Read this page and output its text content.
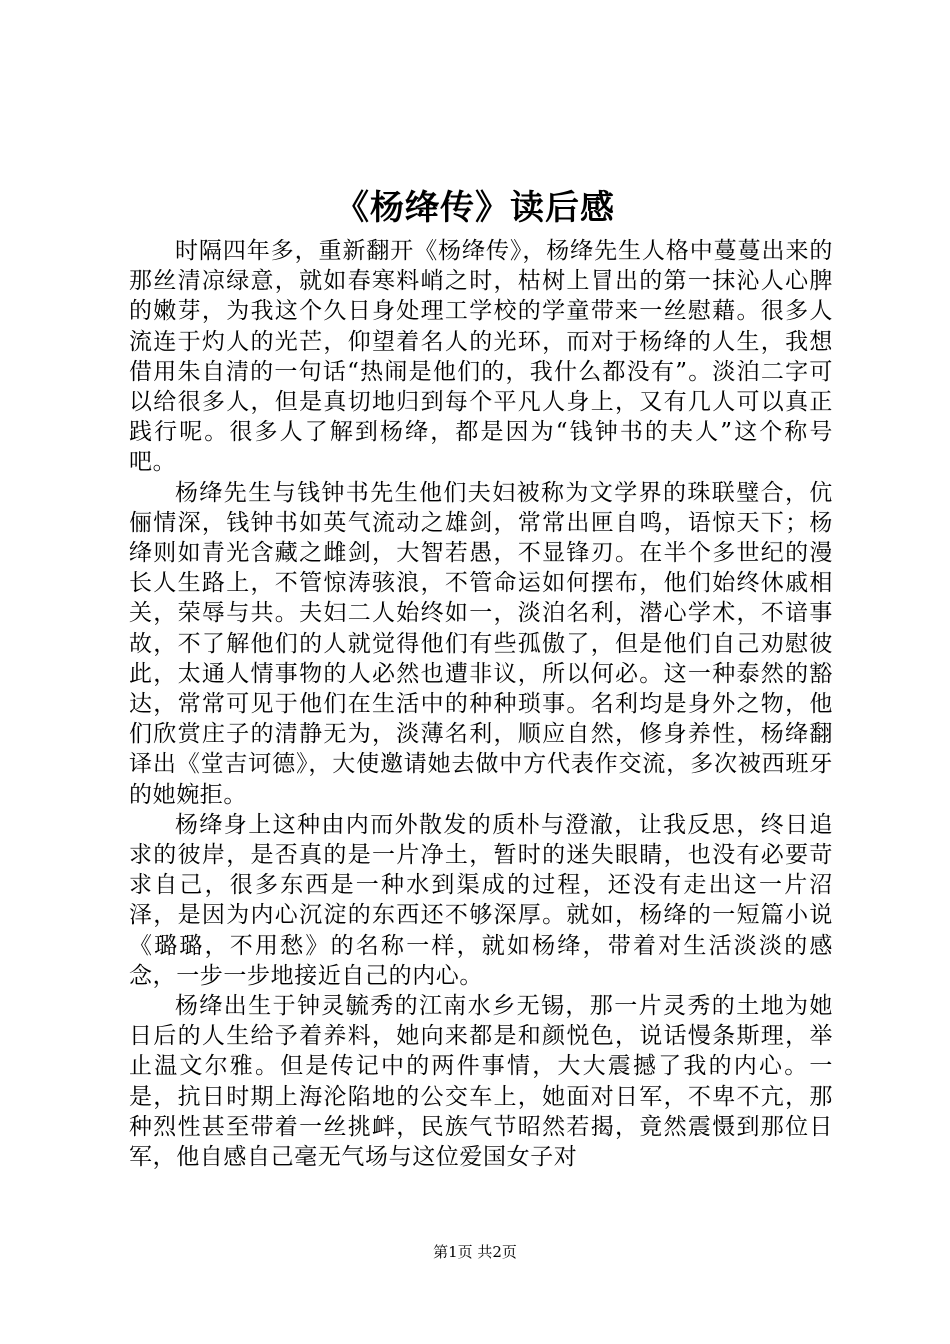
《杨绛传》读后感

时隔四年多，重新翻开《杨绛传》，杨绛先生人格中蔓蔓出来的那丝清凉绿意，就如春寒料峭之时，枯树上冒出的第一抹沁人心脾的嫩芽，为我这个久日身处理工学校的学童带来一丝慰藉。很多人流连于灼人的光芒，仰望着名人的光环，而对于杨绛的人生，我想借用朱自清的一句话“热闹是他们的，我什么都没有”。淡泊二字可以给很多人，但是真切地归到每个平凡人身上，又有几人可以真正践行呢。很多人了解到杨绛，都是因为“钱钟书的夫人”这个称号吧。

杨绛先生与钱钟书先生他们夫妇被称为文学界的珠联璧合，伉俪情深，钱钟书如英气流动之雄剑，常常出匣自鸣，语惊天下；杨绛则如青光含藏之雌剑，大智若愚，不显锋刃。在半个多世纪的漫长人生路上，不管惊涛骇浪，不管命运如何摆布，他们始终休戚相关，荣辱与共。夫妇二人始终如一，淡泊名利，潜心学术，不谙事故，不了解他们的人就觉得他们有些孤傲了，但是他们自己劝慰彼此，太通人情事物的人必然也遭非议，所以何必。这一种泰然的豁达，常常可见于他们在生活中的种种琐事。名利均是身外之物，他们欣赏庄子的清静无为，淡薄名利，顺应自然，修身养性，杨绛翻译出《堂吉诃德》，大使邀请她去做中方代表作交流，多次被西班牙的她婉拒。

杨绛身上这种由内而外散发的质朴与澄澈，让我反思，终日追求的彼岸，是否真的是一片净土，暂时的迷失眼睛，也没有必要苛求自己，很多东西是一种水到渠成的过程，还没有走出这一片沼泽，是因为内心沉淀的东西还不够深厚。就如，杨绛的一短篇小说《璐璐，不用愁》的名称一样，就如杨绛，带着对生活淡淡的感念，一步一步地接近自己的内心。

杨绛出生于钟灵毓秀的江南水乡无锡，那一片灵秀的土地为她日后的人生给予着养料，她向来都是和颜悦色，说话慢条斯理，举止温文尔雅。但是传记中的两件事情，大大震撼了我的内心。一是，抗日时期上海沦陷地的公交车上，她面对日军，不卑不亢，那种烈性甚至带着一丝挑衅，民族气节昭然若揭，竟然震慑到那位日军，他自感自己毫无气场与这位爱国女子对

第1页 共2页
